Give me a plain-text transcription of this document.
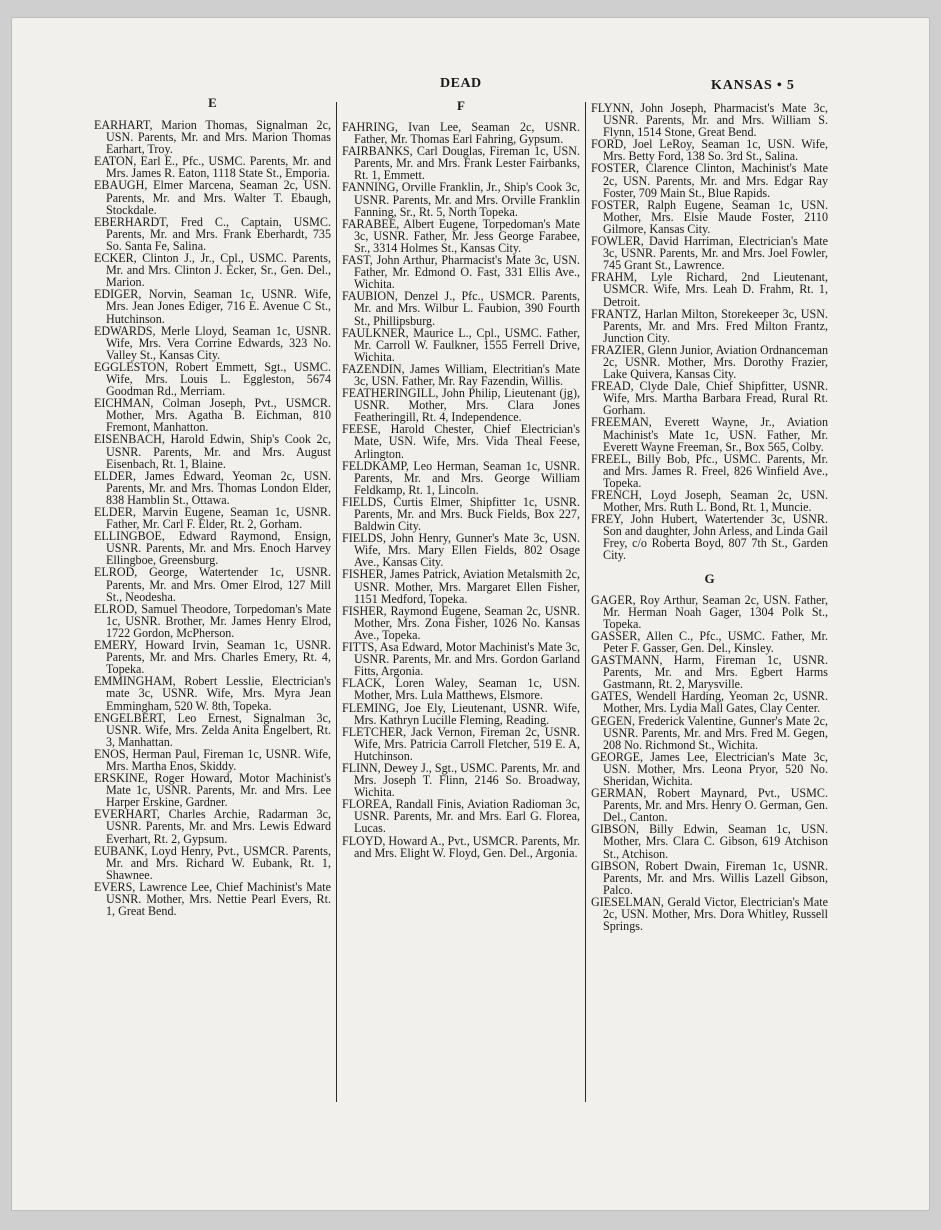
DEAD	KANSAS • 5
E
EARHART, Marion Thomas, Signalman 2c, USN. Parents, Mr. and Mrs. Marion Thomas Earhart, Troy.
EATON, Earl E., Pfc., USMC. Parents, Mr. and Mrs. James R. Eaton, 1118 State St., Emporia.
EBAUGH, Elmer Marcena, Seaman 2c, USN. Parents, Mr. and Mrs. Walter T. Ebaugh, Stockdale.
EBERHARDT, Fred C., Captain, USMC. Parents, Mr. and Mrs. Frank Eberhardt, 735 So. Santa Fe, Salina.
ECKER, Clinton J., Jr., Cpl., USMC. Parents, Mr. and Mrs. Clinton J. Ecker, Sr., Gen. Del., Marion.
EDIGER, Norvin, Seaman 1c, USNR. Wife, Mrs. Jean Jones Ediger, 716 E. Avenue C St., Hutchinson.
EDWARDS, Merle Lloyd, Seaman 1c, USNR. Wife, Mrs. Vera Corrine Edwards, 323 No. Valley St., Kansas City.
EGGLESTON, Robert Emmett, Sgt., USMC. Wife, Mrs. Louis L. Eggleston, 5674 Goodman Rd., Merriam.
EICHMAN, Colman Joseph, Pvt., USMCR. Mother, Mrs. Agatha B. Eichman, 810 Fremont, Manhatton.
EISENBACH, Harold Edwin, Ship's Cook 2c, USNR. Parents, Mr. and Mrs. August Eisenbach, Rt. 1, Blaine.
ELDER, James Edward, Yeoman 2c, USN. Parents, Mr. and Mrs. Thomas London Elder, 838 Hamblin St., Ottawa.
ELDER, Marvin Eugene, Seaman 1c, USNR. Father, Mr. Carl F. Elder, Rt. 2, Gorham.
ELLINGBOE, Edward Raymond, Ensign, USNR. Parents, Mr. and Mrs. Enoch Harvey Ellingboe, Greensburg.
ELROD, George, Watertender 1c, USNR. Parents, Mr. and Mrs. Omer Elrod, 127 Mill St., Neodesha.
ELROD, Samuel Theodore, Torpedoman's Mate 1c, USNR. Brother, Mr. James Henry Elrod, 1722 Gordon, McPherson.
EMERY, Howard Irvin, Seaman 1c, USNR. Parents, Mr. and Mrs. Charles Emery, Rt. 4, Topeka.
EMMINGHAM, Robert Lesslie, Electrician's mate 3c, USNR. Wife, Mrs. Myra Jean Emmingham, 520 W. 8th, Topeka.
ENGELBERT, Leo Ernest, Signalman 3c, USNR. Wife, Mrs. Zelda Anita Engelbert, Rt. 3, Manhattan.
ENOS, Herman Paul, Fireman 1c, USNR. Wife, Mrs. Martha Enos, Skiddy.
ERSKINE, Roger Howard, Motor Machinist's Mate 1c, USNR. Parents, Mr. and Mrs. Lee Harper Erskine, Gardner.
EVERHART, Charles Archie, Radarman 3c, USNR. Parents, Mr. and Mrs. Lewis Edward Everhart, Rt. 2, Gypsum.
EUBANK, Loyd Henry, Pvt., USMCR. Parents, Mr. and Mrs. Richard W. Eubank, Rt. 1, Shawnee.
EVERS, Lawrence Lee, Chief Machinist's Mate USNR. Mother, Mrs. Nettie Pearl Evers, Rt. 1, Great Bend.
F
FAHRING, Ivan Lee, Seaman 2c, USNR. Father, Mr. Thomas Earl Fahring, Gypsum.
FAIRBANKS, Carl Douglas, Fireman 1c, USN. Parents, Mr. and Mrs. Frank Lester Fairbanks, Rt. 1, Emmett.
FANNING, Orville Franklin, Jr., Ship's Cook 3c, USNR. Parents, Mr. and Mrs. Orville Franklin Fanning, Sr., Rt. 5, North Topeka.
FARABEE, Albert Eugene, Torpedoman's Mate 3c, USNR. Father, Mr. Jess George Farabee, Sr., 3314 Holmes St., Kansas City.
FAST, John Arthur, Pharmacist's Mate 3c, USN. Father, Mr. Edmond O. Fast, 331 Ellis Ave., Wichita.
FAUBION, Denzel J., Pfc., USMCR. Parents, Mr. and Mrs. Wilbur L. Faubion, 390 Fourth St., Phillipsburg.
FAULKNER, Maurice L., Cpl., USMC. Father, Mr. Carroll W. Faulkner, 1555 Ferrell Drive, Wichita.
FAZENDIN, James William, Electritian's Mate 3c, USN. Father, Mr. Ray Fazendin, Willis.
FEATHERINGILL, John Philip, Lieutenant (jg), USNR. Mother, Mrs. Clara Jones Featheringill, Rt. 4, Independence.
FEESE, Harold Chester, Chief Electrician's Mate, USN. Wife, Mrs. Vida Theal Feese, Arlington.
FELDKAMP, Leo Herman, Seaman 1c, USNR. Parents, Mr. and Mrs. George William Feldkamp, Rt. 1, Lincoln.
FIELDS, Curtis Elmer, Shipfitter 1c, USNR. Parents, Mr. and Mrs. Buck Fields, Box 227, Baldwin City.
FIELDS, John Henry, Gunner's Mate 3c, USN. Wife, Mrs. Mary Ellen Fields, 802 Osage Ave., Kansas City.
FISHER, James Patrick, Aviation Metalsmith 2c, USNR. Mother, Mrs. Margaret Ellen Fisher, 1151 Medford, Topeka.
FISHER, Raymond Eugene, Seaman 2c, USNR. Mother, Mrs. Zona Fisher, 1026 No. Kansas Ave., Topeka.
FITTS, Asa Edward, Motor Machinist's Mate 3c, USNR. Parents, Mr. and Mrs. Gordon Garland Fitts, Argonia.
FLACK, Loren Waley, Seaman 1c, USN. Mother, Mrs. Lula Matthews, Elsmore.
FLEMING, Joe Ely, Lieutenant, USNR. Wife, Mrs. Kathryn Lucille Fleming, Reading.
FLETCHER, Jack Vernon, Fireman 2c, USNR. Wife, Mrs. Patricia Carroll Fletcher, 519 E. A, Hutchinson.
FLINN, Dewey J., Sgt., USMC. Parents, Mr. and Mrs. Joseph T. Flinn, 2146 So. Broadway, Wichita.
FLOREA, Randall Finis, Aviation Radioman 3c, USNR. Parents, Mr. and Mrs. Earl G. Florea, Lucas.
FLOYD, Howard A., Pvt., USMCR. Parents, Mr. and Mrs. Elight W. Floyd, Gen. Del., Argonia.
FLYNN, John Joseph, Pharmacist's Mate 3c, USNR. Parents, Mr. and Mrs. William S. Flynn, 1514 Stone, Great Bend.
FORD, Joel LeRoy, Seaman 1c, USN. Wife, Mrs. Betty Ford, 138 So. 3rd St., Salina.
FOSTER, Clarence Clinton, Machinist's Mate 2c, USN. Parents, Mr. and Mrs. Edgar Ray Foster, 709 Main St., Blue Rapids.
FOSTER, Ralph Eugene, Seaman 1c, USN. Mother, Mrs. Elsie Maude Foster, 2110 Gilmore, Kansas City.
FOWLER, David Harriman, Electrician's Mate 3c, USNR. Parents, Mr. and Mrs. Joel Fowler, 745 Grant St., Lawrence.
FRAHM, Lyle Richard, 2nd Lieutenant, USMCR. Wife, Mrs. Leah D. Frahm, Rt. 1, Detroit.
FRANTZ, Harlan Milton, Storekeeper 3c, USN. Parents, Mr. and Mrs. Fred Milton Frantz, Junction City.
FRAZIER, Glenn Junior, Aviation Ordnanceman 2c, USNR. Mother, Mrs. Dorothy Frazier, Lake Quivera, Kansas City.
FREAD, Clyde Dale, Chief Shipfitter, USNR. Wife, Mrs. Martha Barbara Fread, Rural Rt. Gorham.
FREEMAN, Everett Wayne, Jr., Aviation Machinist's Mate 1c, USN. Father, Mr. Everett Wayne Freeman, Sr., Box 565, Colby.
FREEL, Billy Bob, Pfc., USMC. Parents, Mr. and Mrs. James R. Freel, 826 Winfield Ave., Topeka.
FRENCH, Loyd Joseph, Seaman 2c, USN. Mother, Mrs. Ruth L. Bond, Rt. 1, Muncie.
FREY, John Hubert, Watertender 3c, USNR. Son and daughter, John Arless, and Linda Gail Frey, c/o Roberta Boyd, 807 7th St., Garden City.
G
GAGER, Roy Arthur, Seaman 2c, USN. Father, Mr. Herman Noah Gager, 1304 Polk St., Topeka.
GASSER, Allen C., Pfc., USMC. Father, Mr. Peter F. Gasser, Gen. Del., Kinsley.
GASTMANN, Harm, Fireman 1c, USNR. Parents, Mr. and Mrs. Egbert Harms Gastmann, Rt. 2, Marysville.
GATES, Wendell Harding, Yeoman 2c, USNR. Mother, Mrs. Lydia Mall Gates, Clay Center.
GEGEN, Frederick Valentine, Gunner's Mate 2c, USNR. Parents, Mr. and Mrs. Fred M. Gegen, 208 No. Richmond St., Wichita.
GEORGE, James Lee, Electrician's Mate 3c, USN. Mother, Mrs. Leona Pryor, 520 No. Sheridan, Wichita.
GERMAN, Robert Maynard, Pvt., USMC. Parents, Mr. and Mrs. Henry O. German, Gen. Del., Canton.
GIBSON, Billy Edwin, Seaman 1c, USN. Mother, Mrs. Clara C. Gibson, 619 Atchison St., Atchison.
GIBSON, Robert Dwain, Fireman 1c, USNR. Parents, Mr. and Mrs. Willis Lazell Gibson, Palco.
GIESELMAN, Gerald Victor, Electrician's Mate 2c, USN. Mother, Mrs. Dora Whitley, Russell Springs.
